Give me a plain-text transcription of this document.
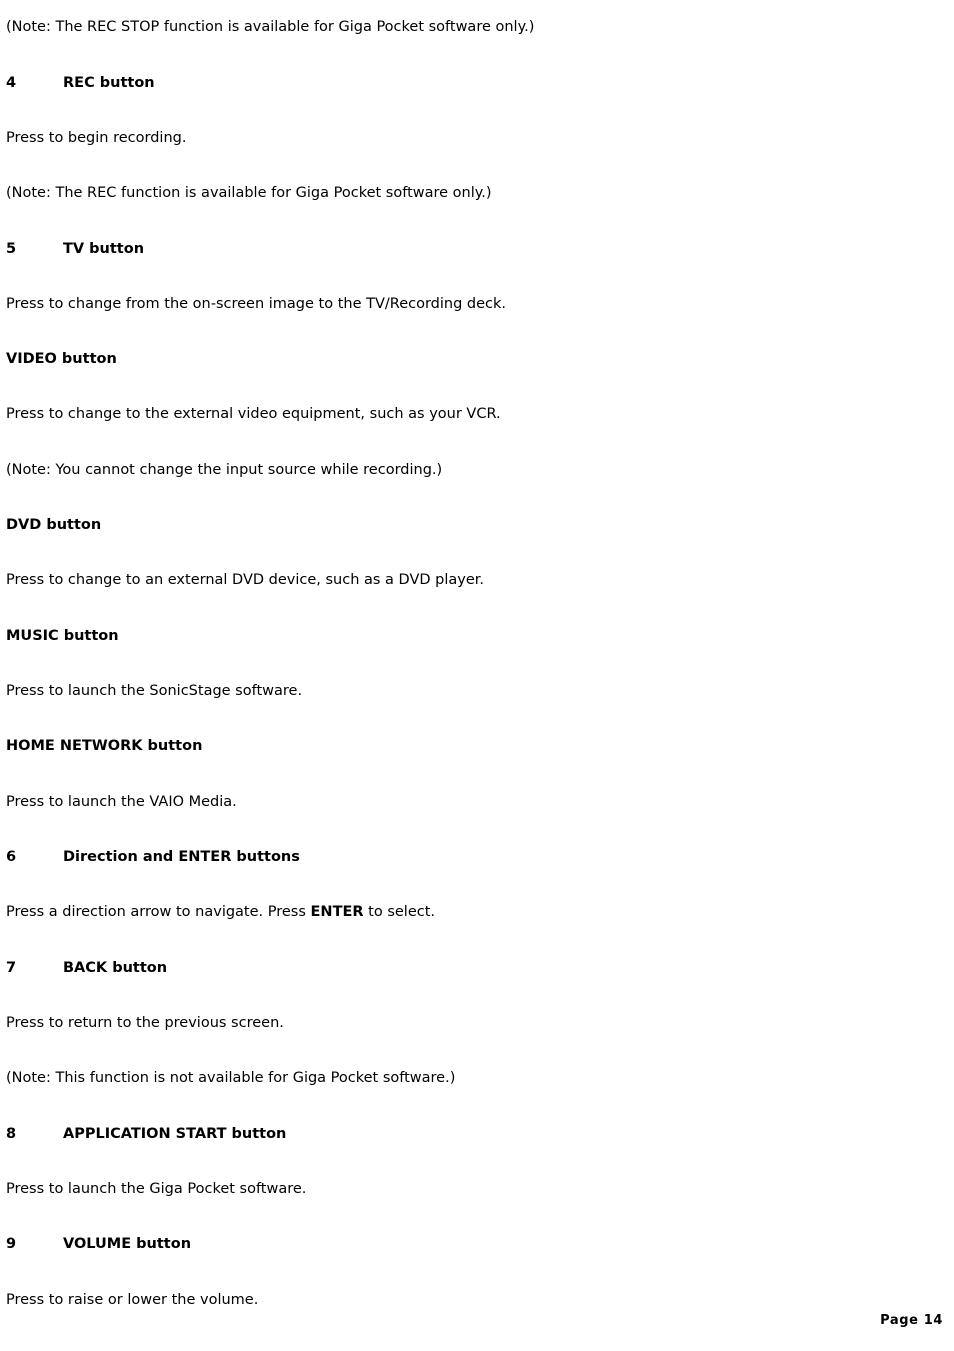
(Note: The REC STOP function is available for Giga Pocket software only.)
4	REC button
Press to begin recording.
(Note: The REC function is available for Giga Pocket software only.)
5	TV button
Press to change from the on-screen image to the TV/Recording deck.
VIDEO button
Press to change to the external video equipment, such as your VCR.
(Note: You cannot change the input source while recording.)
DVD button
Press to change to an external DVD device, such as a DVD player.
MUSIC button
Press to launch the SonicStage software.
HOME NETWORK button
Press to launch the VAIO Media.
6	Direction and ENTER buttons
Press a direction arrow to navigate. Press ENTER to select.
7	BACK button
Press to return to the previous screen.
(Note: This function is not available for Giga Pocket software.)
8	APPLICATION START button
Press to launch the Giga Pocket software.
9	VOLUME button
Press to raise or lower the volume.
Page 14
